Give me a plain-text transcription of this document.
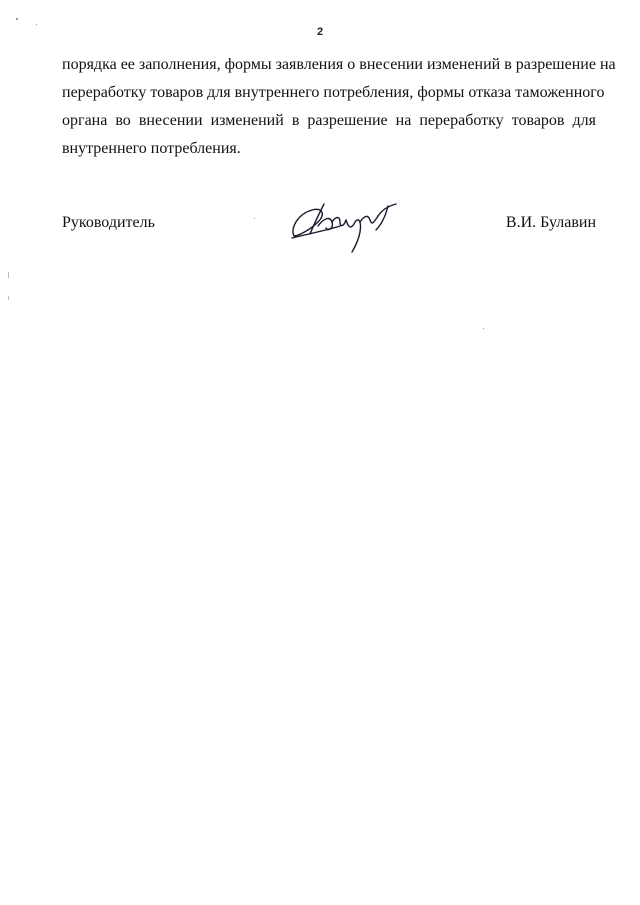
2
порядка ее заполнения, формы заявления о внесении изменений в разрешение на
переработку товаров для внутреннего потребления, формы отказа таможенного
органа во внесении изменений в разрешение на переработку товаров для
внутреннего потребления.
Руководитель	В.И. Булавин
